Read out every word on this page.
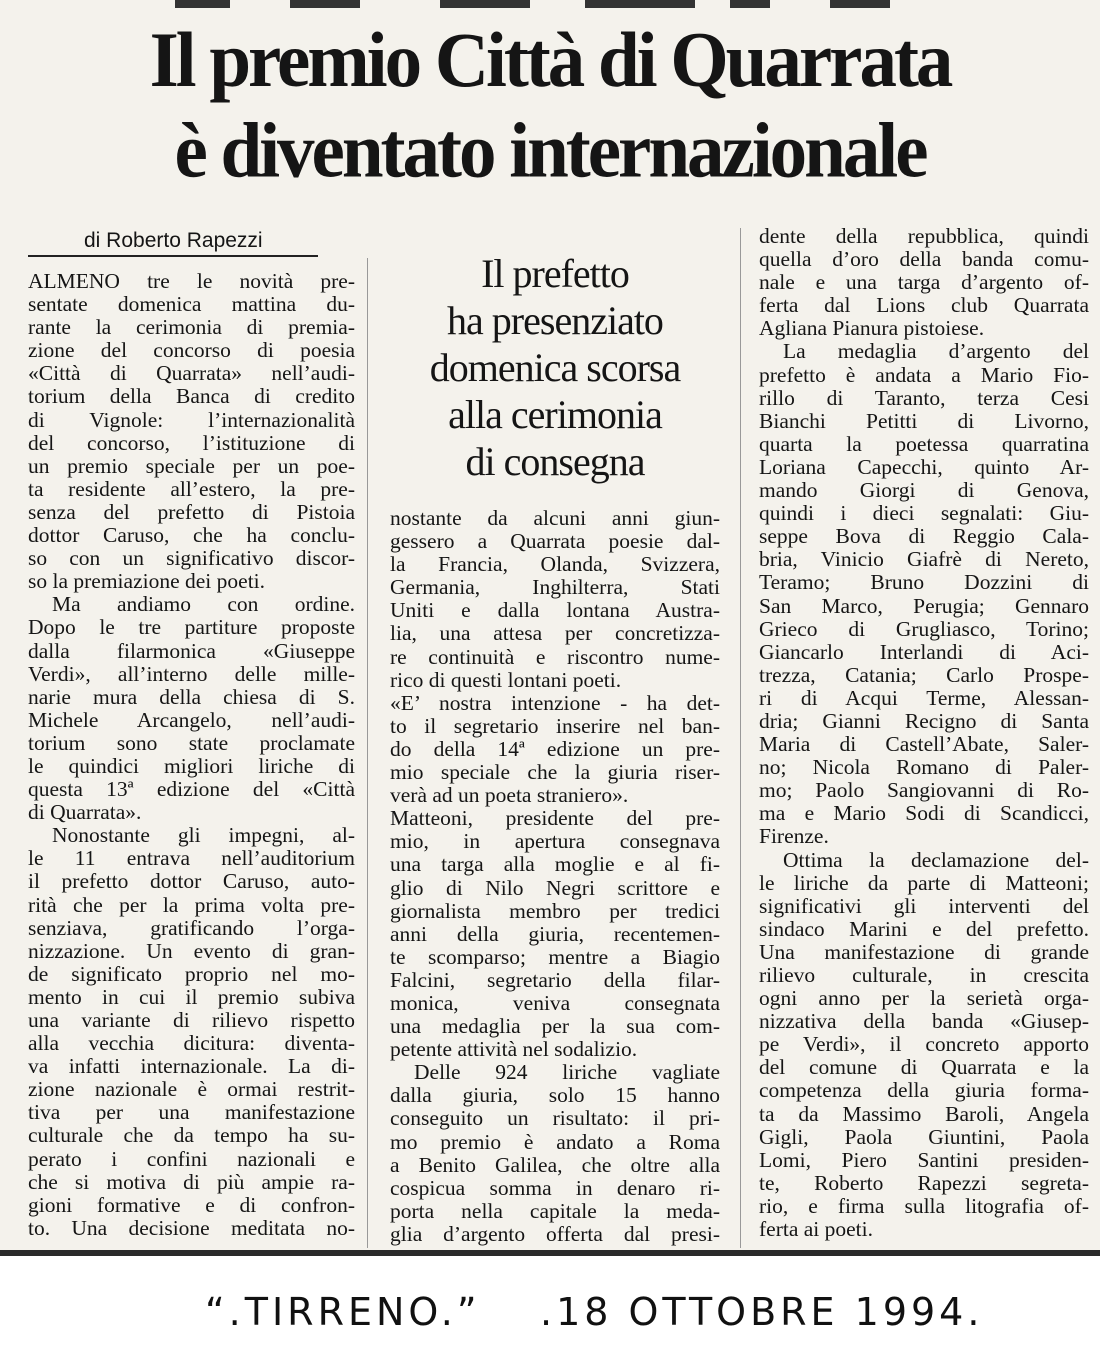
Il premio Città di Quarrata
è diventato internazionale
di Roberto Rapezzi
Il prefetto
ha presenziato
domenica scorsa
alla cerimonia
di consegna
ALMENO tre le novità pre-
sentate domenica mattina du-
rante la cerimonia di premia-
zione del concorso di poesia
«Città di Quarrata» nell’audi-
torium della Banca di credito
di Vignole: l’internazionalità
del concorso, l’istituzione di
un premio speciale per un poe-
ta residente all’estero, la pre-
senza del prefetto di Pistoia
dottor Caruso, che ha conclu-
so con un significativo discor-
so la premiazione dei poeti.
Ma andiamo con ordine.
Dopo le tre partiture proposte
dalla filarmonica «Giuseppe
Verdi», all’interno delle mille-
narie mura della chiesa di S.
Michele Arcangelo, nell’audi-
torium sono state proclamate
le quindici migliori liriche di
questa 13ª edizione del «Città
di Quarrata».
Nonostante gli impegni, al-
le 11 entrava nell’auditorium
il prefetto dottor Caruso, auto-
rità che per la prima volta pre-
senziava, gratificando l’orga-
nizzazione. Un evento di gran-
de significato proprio nel mo-
mento in cui il premio subiva
una variante di rilievo rispetto
alla vecchia dicitura: diventa-
va infatti internazionale. La di-
zione nazionale è ormai restrit-
tiva per una manifestazione
culturale che da tempo ha su-
perato i confini nazionali e
che si motiva di più ampie ra-
gioni formative e di confron-
to. Una decisione meditata no-
nostante da alcuni anni giun-
gessero a Quarrata poesie dal-
la Francia, Olanda, Svizzera,
Germania, Inghilterra, Stati
Uniti e dalla lontana Austra-
lia, una attesa per concretizza-
re continuità e riscontro nume-
rico di questi lontani poeti.
«E’ nostra intenzione - ha det-
to il segretario inserire nel ban-
do della 14ª edizione un pre-
mio speciale che la giuria riser-
verà ad un poeta straniero».
Matteoni, presidente del pre-
mio, in apertura consegnava
una targa alla moglie e al fi-
glio di Nilo Negri scrittore e
giornalista membro per tredici
anni della giuria, recentemen-
te scomparso; mentre a Biagio
Falcini, segretario della filar-
monica, veniva consegnata
una medaglia per la sua com-
petente attività nel sodalizio.
Delle 924 liriche vagliate
dalla giuria, solo 15 hanno
conseguito un risultato: il pri-
mo premio è andato a Roma
a Benito Galilea, che oltre alla
cospicua somma in denaro ri-
porta nella capitale la meda-
glia d’argento offerta dal presi-
dente della repubblica, quindi
quella d’oro della banda comu-
nale e una targa d’argento of-
ferta dal Lions club Quarrata
Agliana Pianura pistoiese.
La medaglia d’argento del
prefetto è andata a Mario Fio-
rillo di Taranto, terza Cesi
Bianchi Petitti di Livorno,
quarta la poetessa quarratina
Loriana Capecchi, quinto Ar-
mando Giorgi di Genova,
quindi i dieci segnalati: Giu-
seppe Bova di Reggio Cala-
bria, Vinicio Giafrè di Nereto,
Teramo; Bruno Dozzini di
San Marco, Perugia; Gennaro
Grieco di Grugliasco, Torino;
Giancarlo Interlandi di Aci-
trezza, Catania; Carlo Prospe-
ri di Acqui Terme, Alessan-
dria; Gianni Recigno di Santa
Maria di Castell’Abate, Saler-
no; Nicola Romano di Paler-
mo; Paolo Sangiovanni di Ro-
ma e Mario Sodi di Scandicci,
Firenze.
Ottima la declamazione del-
le liriche da parte di Matteoni;
significativi gli interventi del
sindaco Marini e del prefetto.
Una manifestazione di grande
rilievo culturale, in crescita
ogni anno per la serietà orga-
nizzativa della banda «Giusep-
pe Verdi», il concreto apporto
del comune di Quarrata e la
competenza della giuria forma-
ta da Massimo Baroli, Angela
Gigli, Paola Giuntini, Paola
Lomi, Piero Santini presiden-
te, Roberto Rapezzi segreta-
rio, e firma sulla litografia of-
ferta ai poeti.
“.TIRRENO.” .18 OTTOBRE 1994.
